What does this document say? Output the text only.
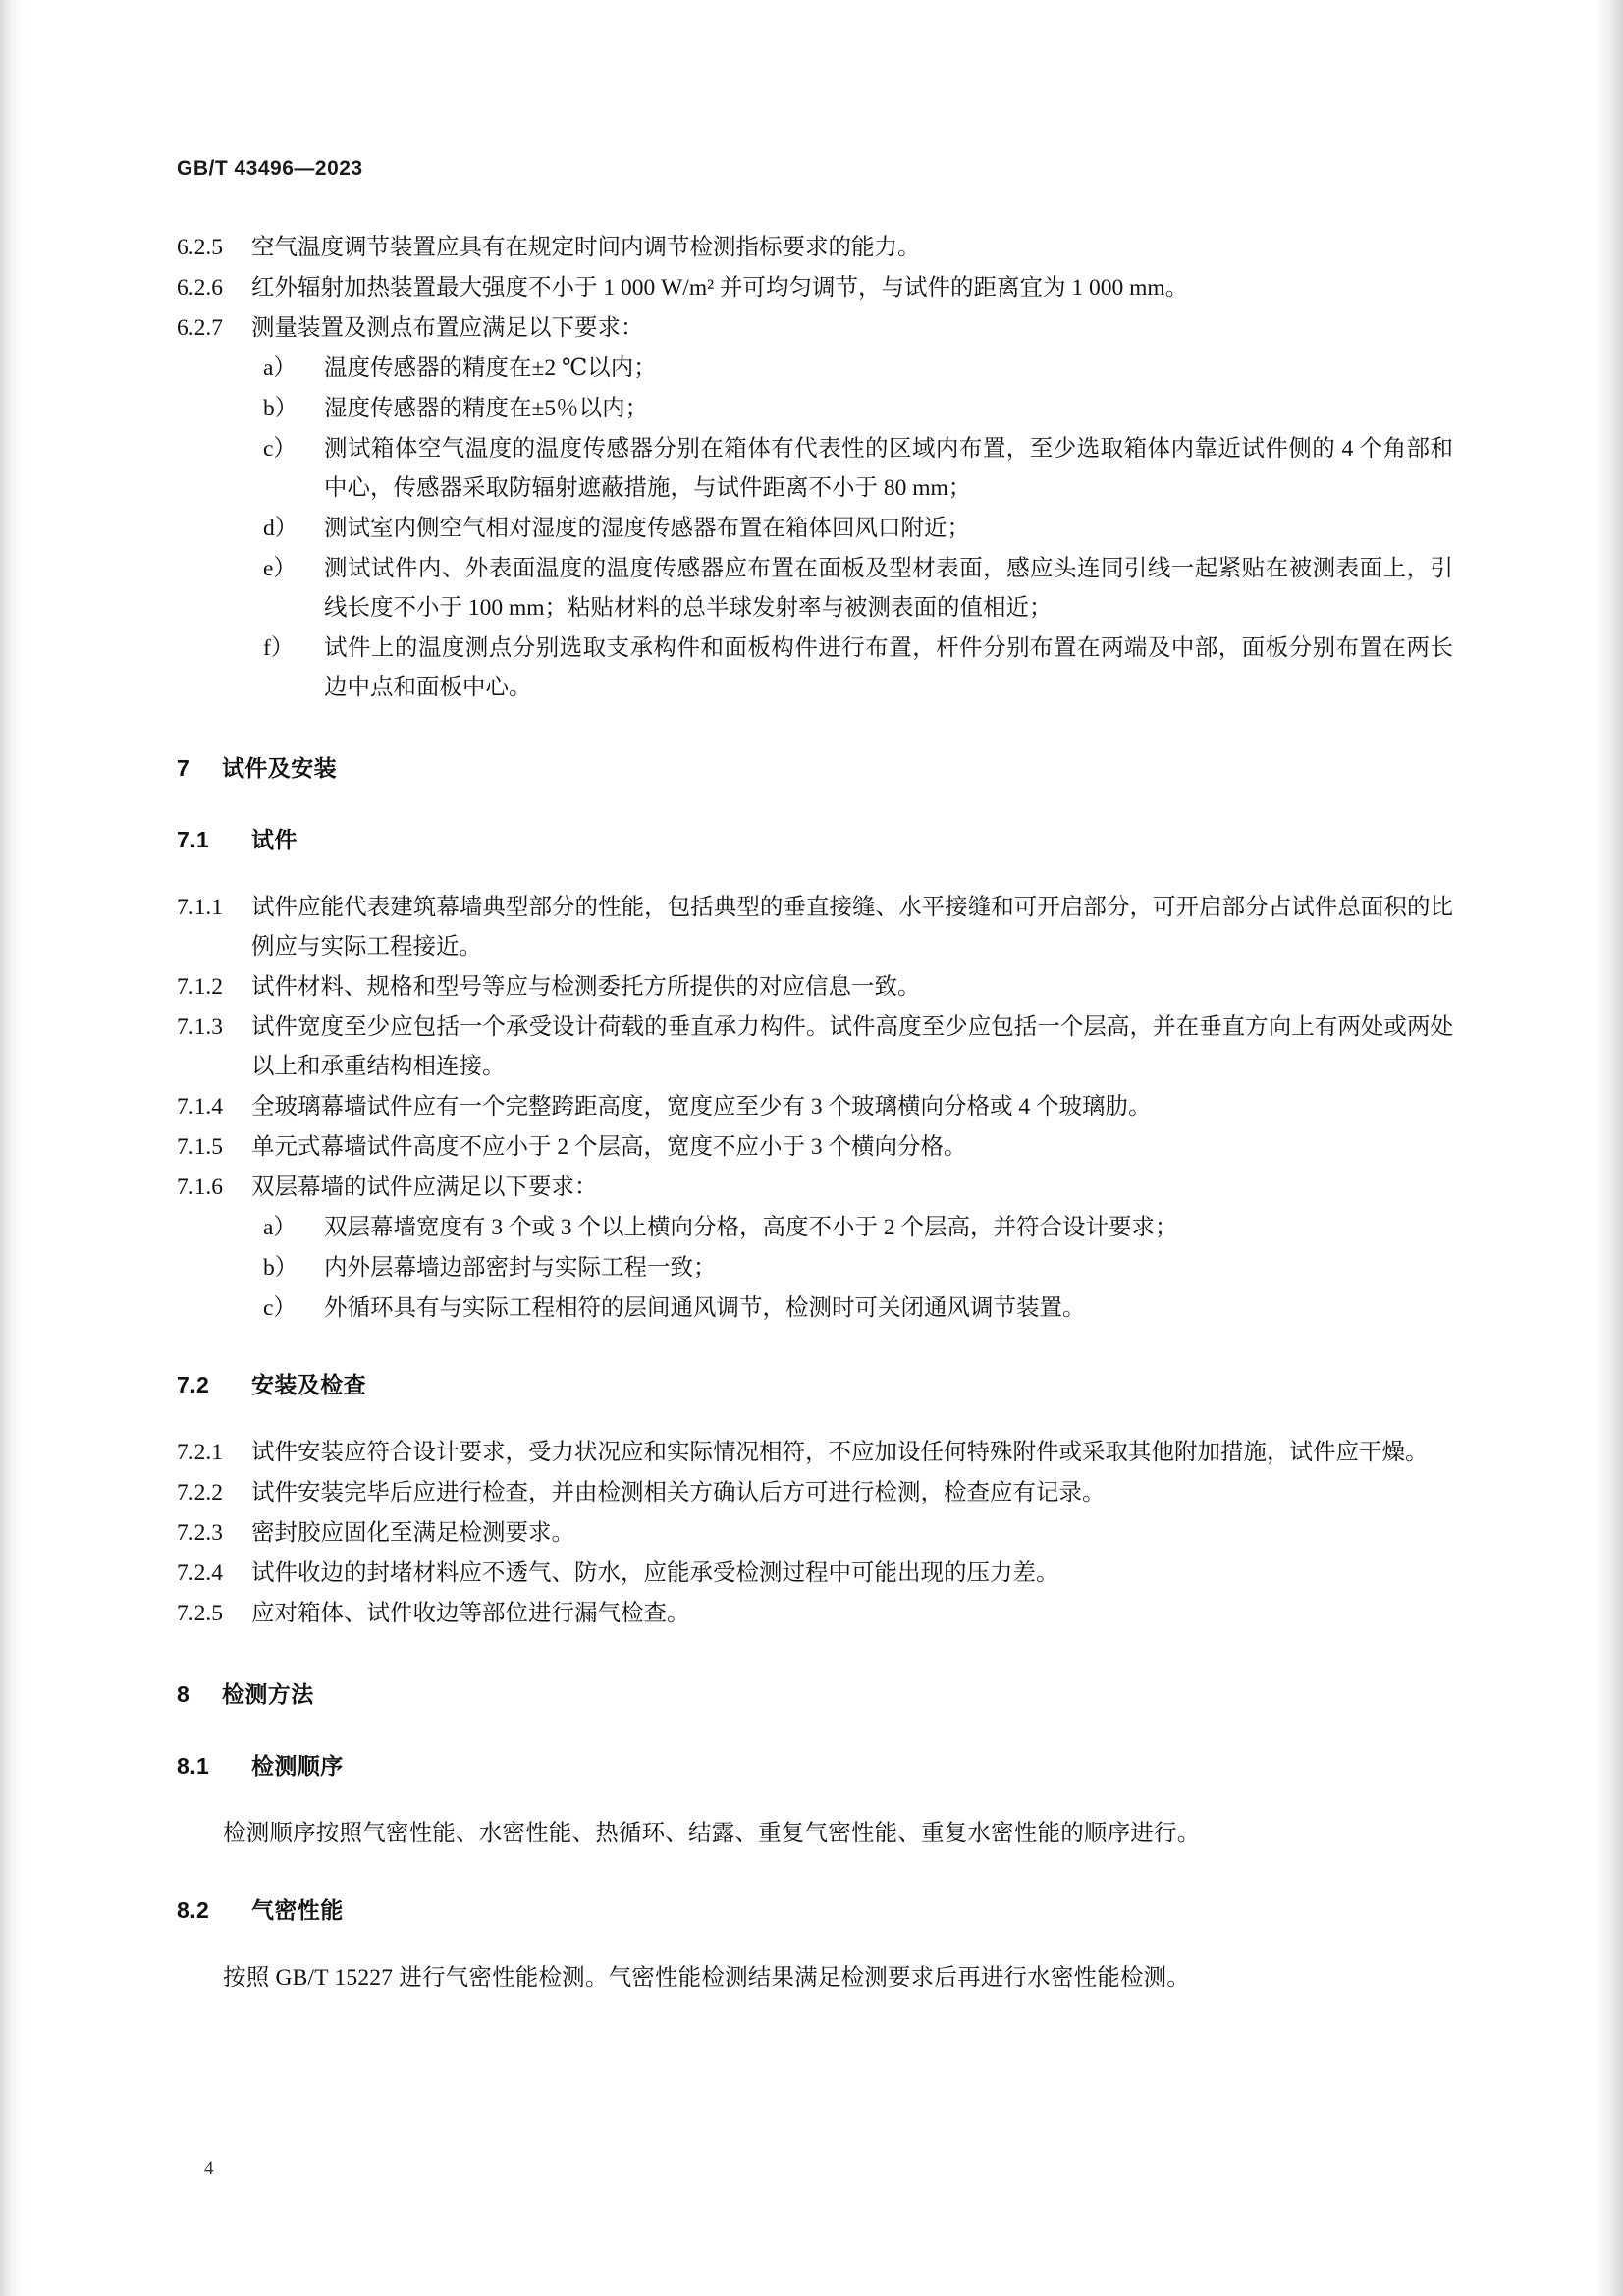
GB/T 43496—2023
6.2.5	空气温度调节装置应具有在规定时间内调节检测指标要求的能力。
6.2.6	红外辐射加热装置最大强度不小于 1 000 W/m² 并可均匀调节，与试件的距离宜为 1 000 mm。
6.2.7	测量装置及测点布置应满足以下要求：
a）	温度传感器的精度在±2 ℃以内；
b）	湿度传感器的精度在±5％以内；
c）	测试箱体空气温度的温度传感器分别在箱体有代表性的区域内布置，至少选取箱体内靠近试件侧的 4 个角部和中心，传感器采取防辐射遮蔽措施，与试件距离不小于 80 mm；
d）	测试室内侧空气相对湿度的湿度传感器布置在箱体回风口附近；
e）	测试试件内、外表面温度的温度传感器应布置在面板及型材表面，感应头连同引线一起紧贴在被测表面上，引线长度不小于 100 mm；粘贴材料的总半球发射率与被测表面的值相近；
f）	试件上的温度测点分别选取支承构件和面板构件进行布置，杆件分别布置在两端及中部，面板分别布置在两长边中点和面板中心。
7 试件及安装
7.1 试件
7.1.1	试件应能代表建筑幕墙典型部分的性能，包括典型的垂直接缝、水平接缝和可开启部分，可开启部分占试件总面积的比例应与实际工程接近。
7.1.2	试件材料、规格和型号等应与检测委托方所提供的对应信息一致。
7.1.3	试件宽度至少应包括一个承受设计荷载的垂直承力构件。试件高度至少应包括一个层高，并在垂直方向上有两处或两处以上和承重结构相连接。
7.1.4	全玻璃幕墙试件应有一个完整跨距高度，宽度应至少有 3 个玻璃横向分格或 4 个玻璃肋。
7.1.5	单元式幕墙试件高度不应小于 2 个层高，宽度不应小于 3 个横向分格。
7.1.6	双层幕墙的试件应满足以下要求：
a）	双层幕墙宽度有 3 个或 3 个以上横向分格，高度不小于 2 个层高，并符合设计要求；
b）	内外层幕墙边部密封与实际工程一致；
c）	外循环具有与实际工程相符的层间通风调节，检测时可关闭通风调节装置。
7.2 安装及检查
7.2.1	试件安装应符合设计要求，受力状况应和实际情况相符，不应加设任何特殊附件或采取其他附加措施，试件应干燥。
7.2.2	试件安装完毕后应进行检查，并由检测相关方确认后方可进行检测，检查应有记录。
7.2.3	密封胶应固化至满足检测要求。
7.2.4	试件收边的封堵材料应不透气、防水，应能承受检测过程中可能出现的压力差。
7.2.5	应对箱体、试件收边等部位进行漏气检查。
8 检测方法
8.1 检测顺序

检测顺序按照气密性能、水密性能、热循环、结露、重复气密性能、重复水密性能的顺序进行。

8.2 气密性能

按照 GB/T 15227 进行气密性能检测。气密性能检测结果满足检测要求后再进行水密性能检测。

4
